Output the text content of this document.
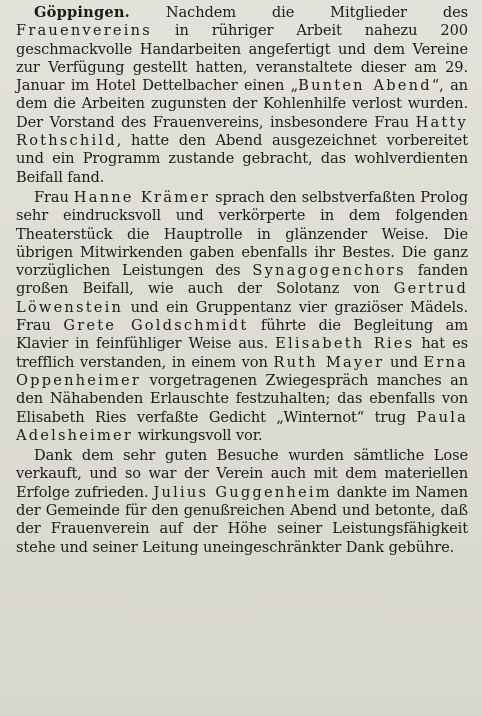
Göppingen. Nachdem die Mitglieder des Frauenvereins in rühriger Arbeit nahezu 200 geschmackvolle Handarbeiten angefertigt und dem Vereine zur Verfügung gestellt hatten, veranstaltete dieser am 29. Januar im Hotel Dettelbacher einen „Bunten Abend“, an dem die Arbeiten zugunsten der Kohlenhilfe verlost wurden. Der Vorstand des Frauenvereins, insbesondere Frau Hatty Rothschild, hatte den Abend ausgezeichnet vorbereitet und ein Programm zustande gebracht, das wohlverdienten Beifall fand.

Frau Hanne Krämer sprach den selbstverfaßten Prolog sehr eindrucksvoll und verkörperte in dem folgenden Theaterstück die Hauptrolle in glänzender Weise. Die übrigen Mitwirkenden gaben ebenfalls ihr Bestes. Die ganz vorzüglichen Leistungen des Synagogenchors fanden großen Beifall, wie auch der Solotanz von Gertrud Löwenstein und ein Gruppentanz vier graziöser Mädels. Frau Grete Goldschmidt führte die Begleitung am Klavier in feinfühliger Weise aus. Elisabeth Ries hat es trefflich verstanden, in einem von Ruth Mayer und Erna Oppenheimer vorgetragenen Zwiegespräch manches an den Nähabenden Erlauschte festzuhalten; das ebenfalls von Elisabeth Ries verfaßte Gedicht „Winternot“ trug Paula Adelsheimer wirkungsvoll vor.

Dank dem sehr guten Besuche wurden sämtliche Lose verkauft, und so war der Verein auch mit dem materiellen Erfolge zufrieden. Julius Guggenheim dankte im Namen der Gemeinde für den genußreichen Abend und betonte, daß der Frauenverein auf der Höhe seiner Leistungsfähigkeit stehe und seiner Leitung uneingeschränkter Dank gebühre.
